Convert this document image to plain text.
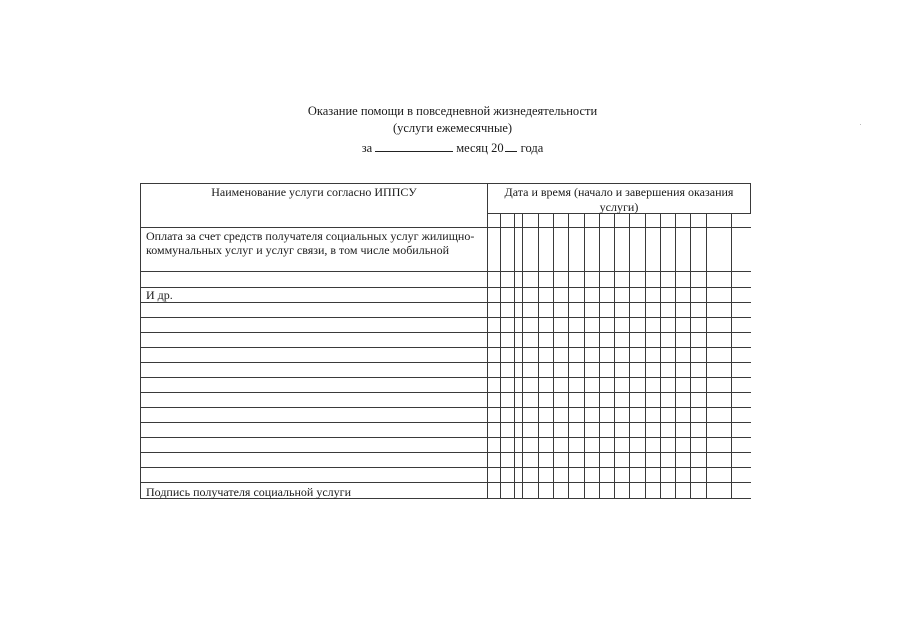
Оказание помощи в повседневной жизнедеятельности
(услуги ежемесячные)
за	месяц 20 года
Наименование услуги согласно ИППСУ	Дата и время (начало и завершения оказания услуги)
Оплата за счет средств получателя социальных услуг жилищно-коммунальных услуг и услуг связи, в том числе мобильной
И др.
Подпись получателя социальной услуги
